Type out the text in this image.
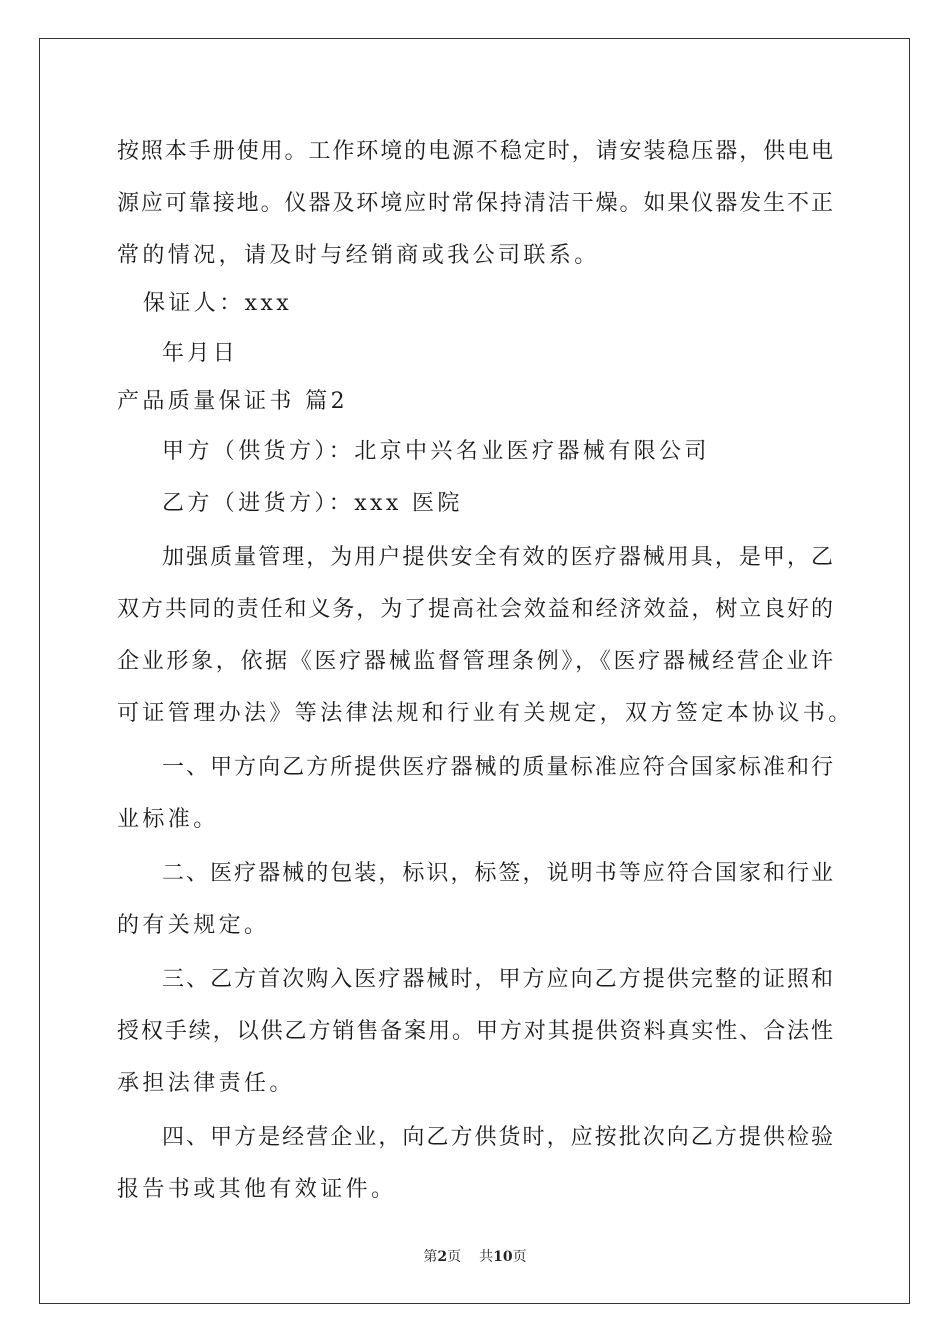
按照本手册使用。工作环境的电源不稳定时，请安装稳压器，供电电
源应可靠接地。仪器及环境应时常保持清洁干燥。如果仪器发生不正
常的情况，请及时与经销商或我公司联系。
保证人：xxx
年月日
产品质量保证书 篇2
甲方（供货方）：北京中兴名业医疗器械有限公司
乙方（进货方）：xxx 医院
加强质量管理，为用户提供安全有效的医疗器械用具，是甲，乙
双方共同的责任和义务，为了提高社会效益和经济效益，树立良好的
企业形象，依据《医疗器械监督管理条例》，《医疗器械经营企业许
可证管理办法》等法律法规和行业有关规定，双方签定本协议书。
一、甲方向乙方所提供医疗器械的质量标准应符合国家标准和行
业标准。
二、医疗器械的包装，标识，标签，说明书等应符合国家和行业
的有关规定。
三、乙方首次购入医疗器械时，甲方应向乙方提供完整的证照和
授权手续，以供乙方销售备案用。甲方对其提供资料真实性、合法性
承担法律责任。
四、甲方是经营企业，向乙方供货时，应按批次向乙方提供检验
报告书或其他有效证件。
第2页 共10页
